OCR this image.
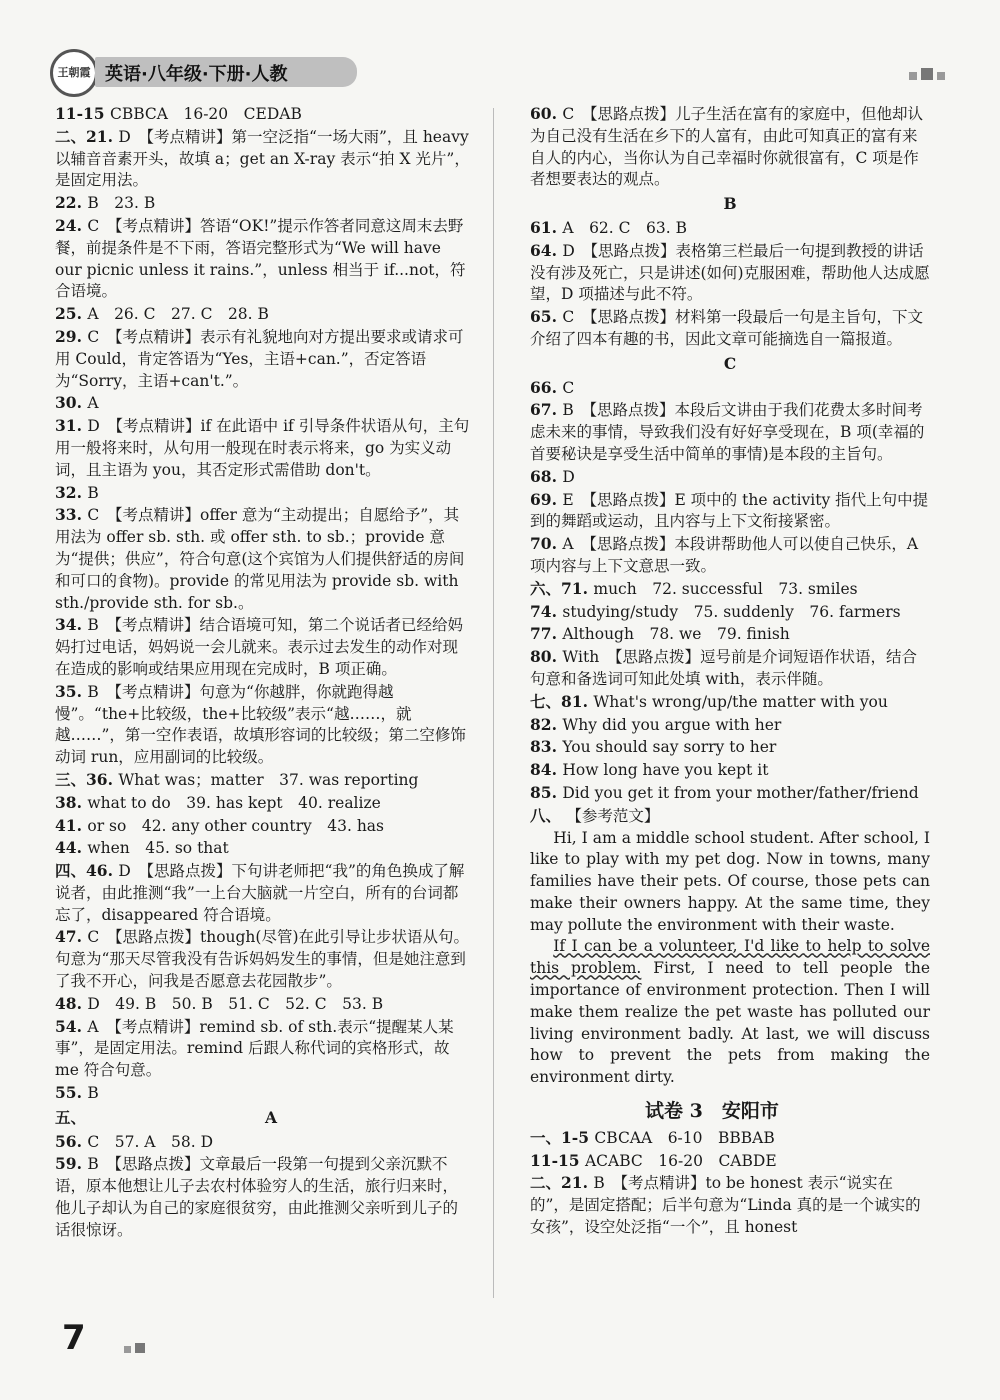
王朝霞 英语·八年级·下册·人教

11-15 CBBCA　16-20　CEDAB

二、21. D　【考点精讲】第一空泛指“一场大雨”，且 heavy 以辅音音素开头，故填 a；get an X-ray 表示“拍 X 光片”，是固定用法。

22. B　23. B

24. C　【考点精讲】答语“OK!”提示作答者同意这周末去野餐，前提条件是不下雨，答语完整形式为“We will have our picnic unless it rains.”，unless 相当于 if...not，符合语境。

25. A　26. C　27. C　28. B

29. C　【考点精讲】表示有礼貌地向对方提出要求或请求可用 Could，肯定答语为“Yes，主语+can.”，否定答语为“Sorry，主语+can't.”。

30. A

31. D　【考点精讲】if 在此语中 if 引导条件状语从句，主句用一般将来时，从句用一般现在时表示将来，go 为实义动词，且主语为 you，其否定形式需借助 don't。

32. B

33. C　【考点精讲】offer 意为“主动提出；自愿给予”，其用法为 offer sb. sth. 或 offer sth. to sb.；provide 意为“提供；供应”，符合句意(这个宾馆为人们提供舒适的房间和可口的食物)。provide 的常见用法为 provide sb. with sth./provide sth. for sb.。

34. B　【考点精讲】结合语境可知，第二个说话者已经给妈妈打过电话，妈妈说一会儿就来。表示过去发生的动作对现在造成的影响或结果应用现在完成时，B 项正确。

35. B　【考点精讲】句意为“你越胖，你就跑得越慢”。“the+比较级，the+比较级”表示“越……，就越……”，第一空作表语，故填形容词的比较级；第二空修饰动词 run，应用副词的比较级。

三、36. What was；matter　37. was reporting

38. what to do　39. has kept　40. realize

41. or so　42. any other country　43. has

44. when　45. so that

四、46. D　【思路点拨】下句讲老师把“我”的角色换成了解说者，由此推测“我”一上台大脑就一片空白，所有的台词都忘了，disappeared 符合语境。

47. C　【思路点拨】though(尽管)在此引导让步状语从句。句意为“那天尽管我没有告诉妈妈发生的事情，但是她注意到了我不开心，问我是否愿意去花园散步”。

48. D　49. B　50. B　51. C　52. C　53. B

54. A　【考点精讲】remind sb. of sth.表示“提醒某人某事”，是固定用法。remind 后跟人称代词的宾格形式，故 me 符合句意。

55. B

五、	A

56. C　57. A　58. D

59. B　【思路点拨】文章最后一段第一句提到父亲沉默不语，原本他想让儿子去农村体验穷人的生活，旅行归来时，他儿子却认为自己的家庭很贫穷，由此推测父亲听到儿子的话很惊讶。

60. C　【思路点拨】儿子生活在富有的家庭中，但他却认为自己没有生活在乡下的人富有，由此可知真正的富有来自人的内心，当你认为自己幸福时你就很富有，C 项是作者想要表达的观点。

B

61. A　62. C　63. B

64. D　【思路点拨】表格第三栏最后一句提到教授的讲话没有涉及死亡，只是讲述(如何)克服困难，帮助他人达成愿望，D 项描述与此不符。

65. C　【思路点拨】材料第一段最后一句是主旨句，下文介绍了四本有趣的书，因此文章可能摘选自一篇报道。

C

66. C

67. B　【思路点拨】本段后文讲由于我们花费太多时间考虑未来的事情，导致我们没有好好享受现在，B 项(幸福的首要秘诀是享受生活中简单的事情)是本段的主旨句。

68. D

69. E　【思路点拨】E 项中的 the activity 指代上句中提到的舞蹈或运动，且内容与上下文衔接紧密。

70. A　【思路点拨】本段讲帮助他人可以使自己快乐，A 项内容与上下文意思一致。

六、71. much　72. successful　73. smiles

74. studying/study　75. suddenly　76. farmers

77. Although　78. we　79. finish

80. With　【思路点拨】逗号前是介词短语作状语，结合句意和备选词可知此处填 with，表示伴随。

七、81. What's wrong/up/the matter with you

82. Why did you argue with her

83. You should say sorry to her

84. How long have you kept it

85. Did you get it from your mother/father/friend

八、 【参考范文】

Hi, I am a middle school student. After school, I like to play with my pet dog. Now in towns, many families have their pets. Of course, those pets can make their owners happy. At the same time, they may pollute the environment with their waste.

If I can be a volunteer, I'd like to help to solve this problem. First, I need to tell people the importance of environment protection. Then I will make them realize the pet waste has polluted our living environment badly. At last, we will discuss how to prevent the pets from making the environment dirty.

试卷 3　安阳市

一、1-5 CBCAA　6-10　BBBAB

11-15 ACABC　16-20　CABDE

二、21. B　【考点精讲】to be honest 表示“说实在的”，是固定搭配；后半句意为“Linda 真的是一个诚实的女孩”，设空处泛指“一个”，且 honest

7
